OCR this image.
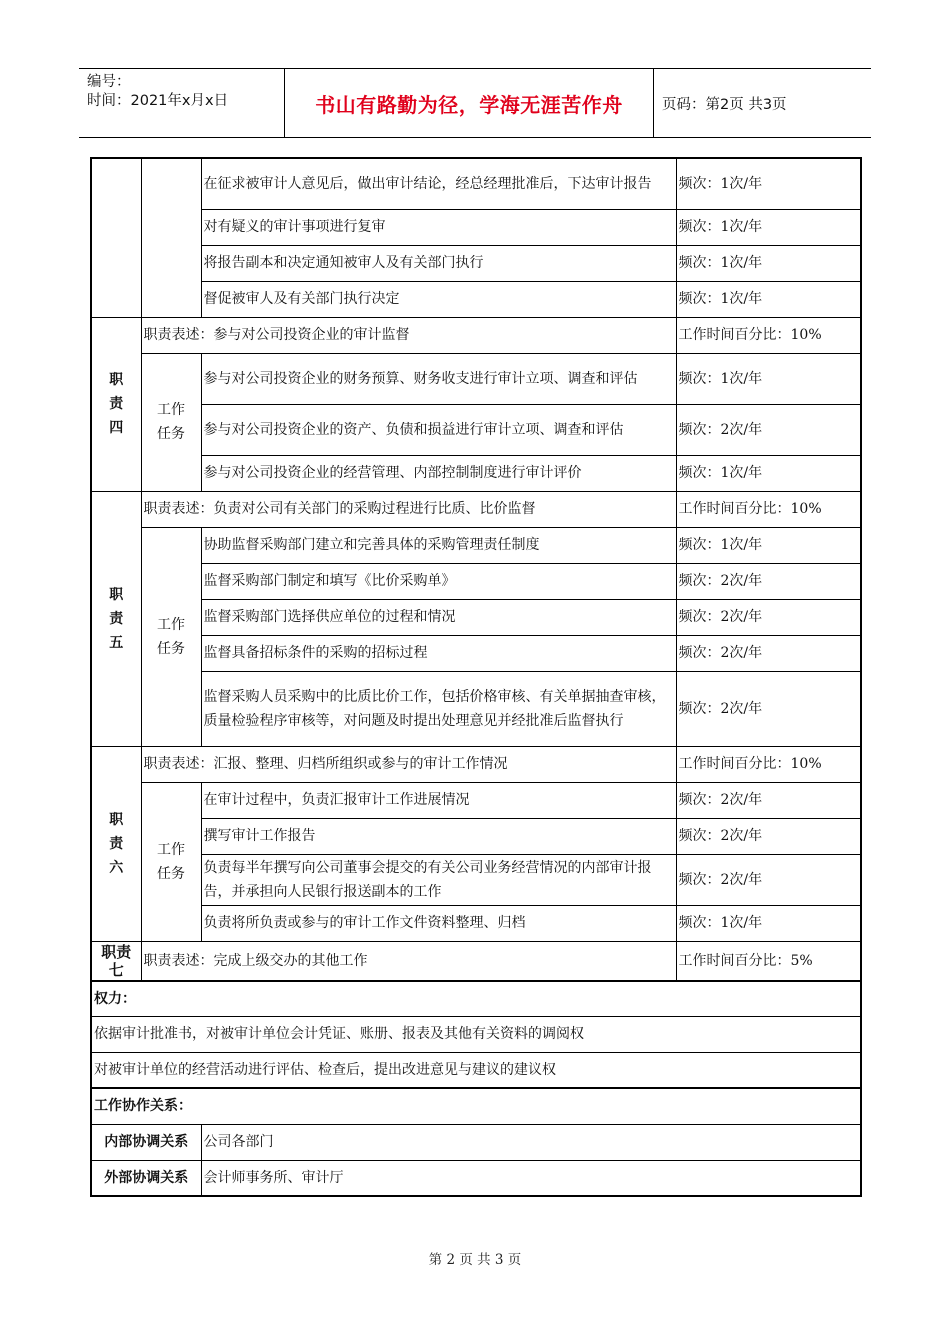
编号：
时间：2021年x月x日	书山有路勤为径，学海无涯苦作舟	页码：第2页 共3页
		在征求被审计人意见后，做出审计结论，经总经理批准后，下达审计报告	频次：1次/年
		对有疑义的审计事项进行复审	频次：1次/年
		将报告副本和决定通知被审人及有关部门执行	频次：1次/年
		督促被审人及有关部门执行决定	频次：1次/年

职
责
四	职责表述：参与对公司投资企业的审计监督		工作时间百分比：10%

	工作
任务	参与对公司投资企业的财务预算、财务收支进行审计立项、调查和评估	频次：1次/年
		参与对公司投资企业的资产、负债和损益进行审计立项、调查和评估	频次：2次/年
		参与对公司投资企业的经营管理、内部控制制度进行审计评价	频次：1次/年

职
责
五	职责表述：负责对公司有关部门的采购过程进行比质、比价监督		工作时间百分比：10%

	工作
任务	协助监督采购部门建立和完善具体的采购管理责任制度	频次：1次/年
		监督采购部门制定和填写《比价采购单》	频次：2次/年
		监督采购部门选择供应单位的过程和情况	频次：2次/年
		监督具备招标条件的采购的招标过程	频次：2次/年
		监督采购人员采购中的比质比价工作，包括价格审核、有关单据抽查审核，质量检验程序审核等，对问题及时提出处理意见并经批准后监督执行	频次：2次/年

职
责
六	职责表述：汇报、整理、归档所组织或参与的审计工作情况		工作时间百分比：10%

	工作
任务	在审计过程中，负责汇报审计工作进展情况	频次：2次/年
		撰写审计工作报告	频次：2次/年
		负责每半年撰写向公司董事会提交的有关公司业务经营情况的内部审计报告，并承担向人民银行报送副本的工作	频次：2次/年
		负责将所负责或参与的审计工作文件资料整理、归档	频次：1次/年

职责
七	职责表述：完成上级交办的其他工作		工作时间百分比：5%
权力：			
依据审计批准书，对被审计单位会计凭证、账册、报表及其他有关资料的调阅权			
对被审计单位的经营活动进行评估、检查后，提出改进意见与建议的建议权			
工作协作关系：			
内部协调关系		公司各部门	
外部协调关系		会计师事务所、审计厅	
第 2 页 共 3 页
